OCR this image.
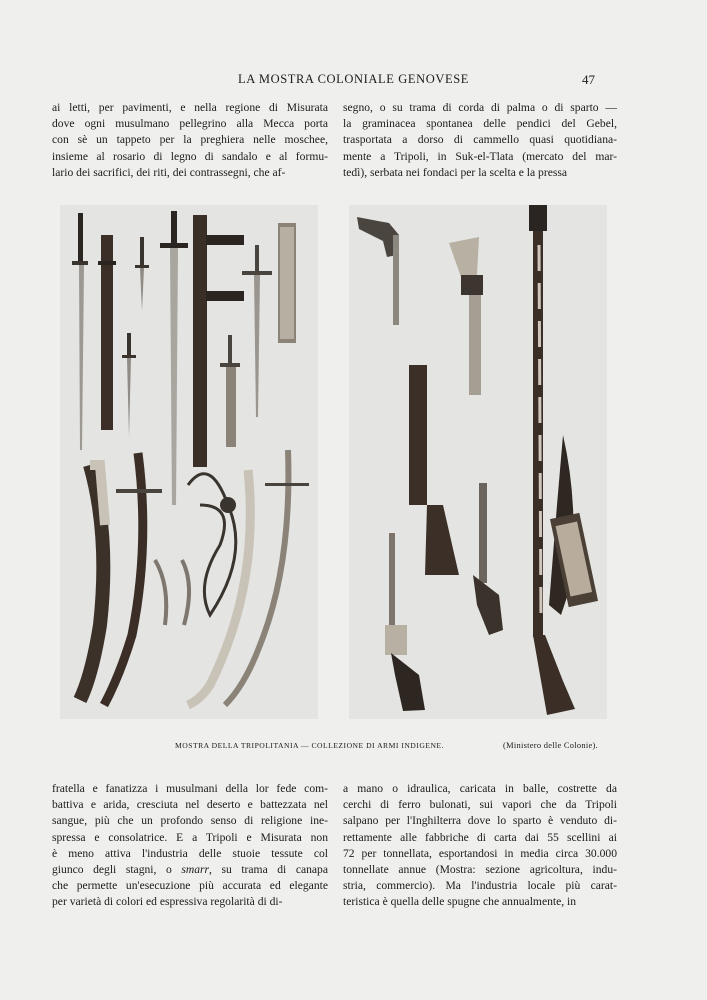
LA MOSTRA COLONIALE GENOVESE	47
ai letti, per pavimenti, e nella regione di Misurata
dove ogni musulmano pellegrino alla Mecca porta
con sè un tappeto per la preghiera nelle moschee,
insieme al rosario di legno di sandalo e al formu-
lario dei sacrifici, dei riti, dei contrassegni, che af-
segno, o su trama di corda di palma o di sparto —
la graminacea spontanea delle pendici del Gebel,
trasportata a dorso di cammello quasi quotidiana-
mente a Tripoli, in Suk-el-Tlata (mercato del mar-
tedì), serbata nei fondaci per la scelta e la pressa
MOSTRA DELLA TRIPOLITANIA — COLLEZIONE DI ARMI INDIGENE.	(Ministero delle Colonie).
fratella e fanatizza i musulmani della lor fede com-
battiva e arida, cresciuta nel deserto e battezzata nel
sangue, più che un profondo senso di religione ine-
spressa e consolatrice. E a Tripoli e Misurata non
è meno attiva l'industria delle stuoie tessute col
giunco degli stagni, o smarr, su trama di canapa
che permette un'esecuzione più accurata ed elegante
per varietà di colori ed espressiva regolarità di di-
a mano o idraulica, caricata in balle, costrette da
cerchi di ferro bulonati, sui vapori che da Tripoli
salpano per l'Inghilterra dove lo sparto è venduto di-
rettamente alle fabbriche di carta dai 55 scellini ai
72 per tonnellata, esportandosi in media circa 30.000
tonnellate annue (Mostra: sezione agricoltura, indu-
stria, commercio). Ma l'industria locale più carat-
teristica è quella delle spugne che annualmente, in
